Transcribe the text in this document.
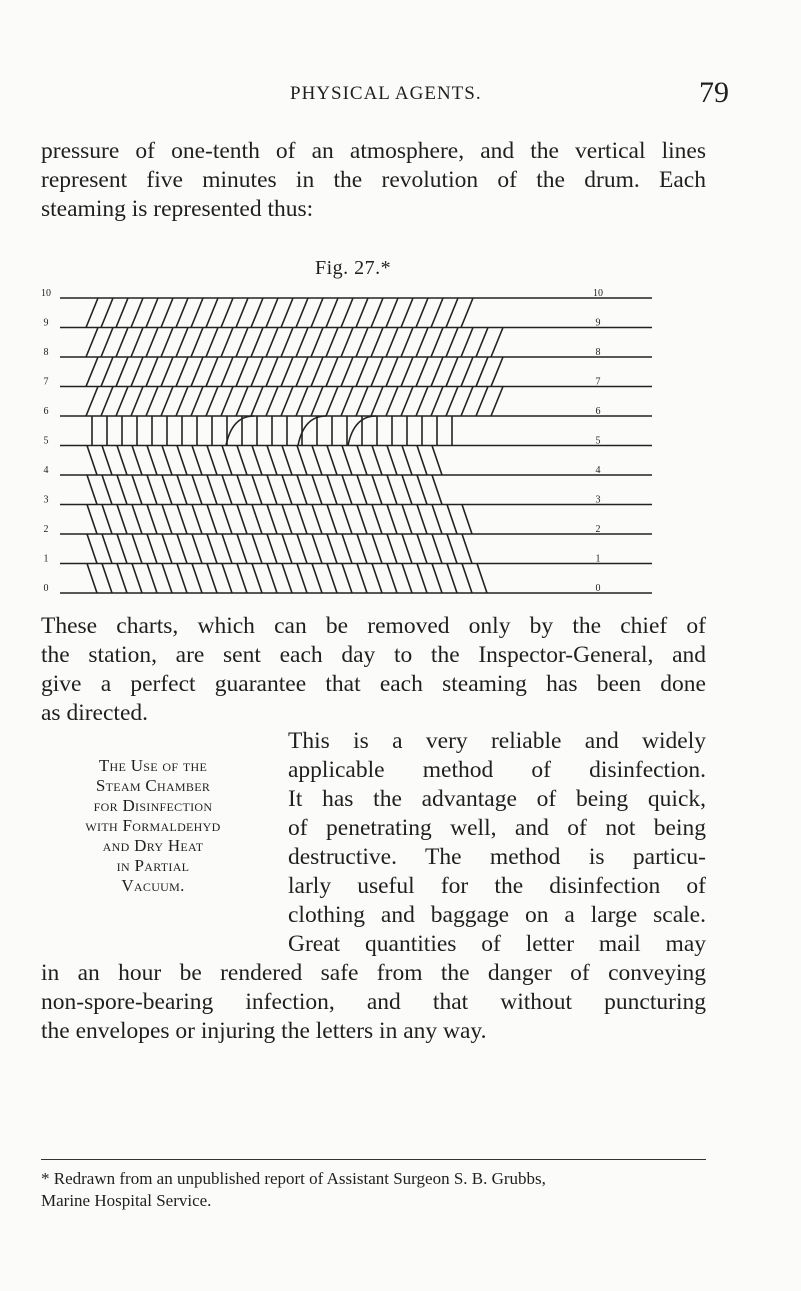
PHYSICAL AGENTS.	79

pressure of one-tenth of an atmosphere, and the vertical lines
represent five minutes in the revolution of the drum. Each
steaming is represented thus:

Fig. 27.*
10
9
8
7
6
5
4
3
2
1
0
10
9
8
7
6
5
4
3
2
1
0

These charts, which can be removed only by the chief of
the station, are sent each day to the Inspector-General, and
give a perfect guarantee that each steaming has been done
as directed.

The Use of the
Steam Chamber
for Disinfection
with Formaldehyd
and Dry Heat
in Partial
Vacuum.

This is a very reliable and widely
applicable method of disinfection.
It has the advantage of being quick,
of penetrating well, and of not being
destructive. The method is particu-
larly useful for the disinfection of
clothing and baggage on a large scale.
Great quantities of letter mail may
in an hour be rendered safe from the danger of conveying
non-spore-bearing infection, and that without puncturing
the envelopes or injuring the letters in any way.

* Redrawn from an unpublished report of Assistant Surgeon S. B. Grubbs,
Marine Hospital Service.
